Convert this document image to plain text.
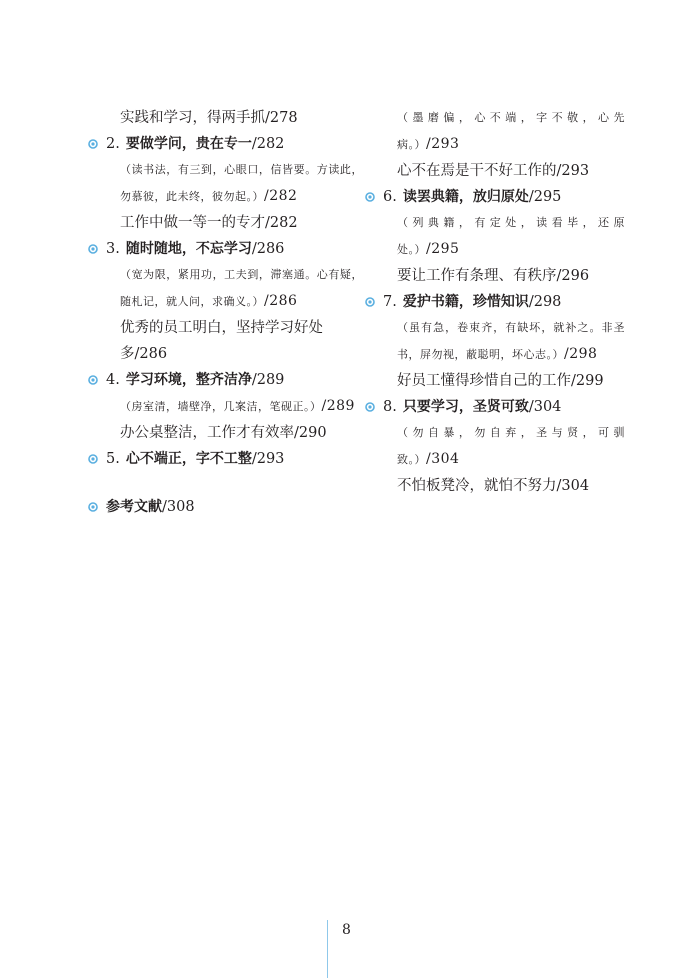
实践和学习，得两手抓/278
2. 要做学问，贵在专一/282
（读书法，有三到，心眼口，信皆要。方读此，勿慕彼，此未终，彼勿起。）/282
工作中做一等一的专才/282
3. 随时随地，不忘学习/286
（宽为限，紧用功，工夫到，滞塞通。心有疑，随札记，就人问，求确义。）/286
优秀的员工明白，坚持学习好处
多/286
4. 学习环境，整齐洁净/289
（房室清，墙壁净，几案洁，笔砚正。）/289
办公桌整洁，工作才有效率/290
5. 心不端正，字不工整/293
参考文献/308
（墨磨偏，心不端，字不敬，心先病。）/293
心不在焉是干不好工作的/293
6. 读罢典籍，放归原处/295
（列典籍，有定处，读看毕，还原处。）/295
要让工作有条理、有秩序/296
7. 爱护书籍，珍惜知识/298
（虽有急，卷束齐，有缺坏，就补之。非圣书，屏勿视，蔽聪明，坏心志。）/298
好员工懂得珍惜自己的工作/299
8. 只要学习，圣贤可致/304
（勿自暴，勿自弃，圣与贤，可驯致。）/304
不怕板凳冷，就怕不努力/304
8
